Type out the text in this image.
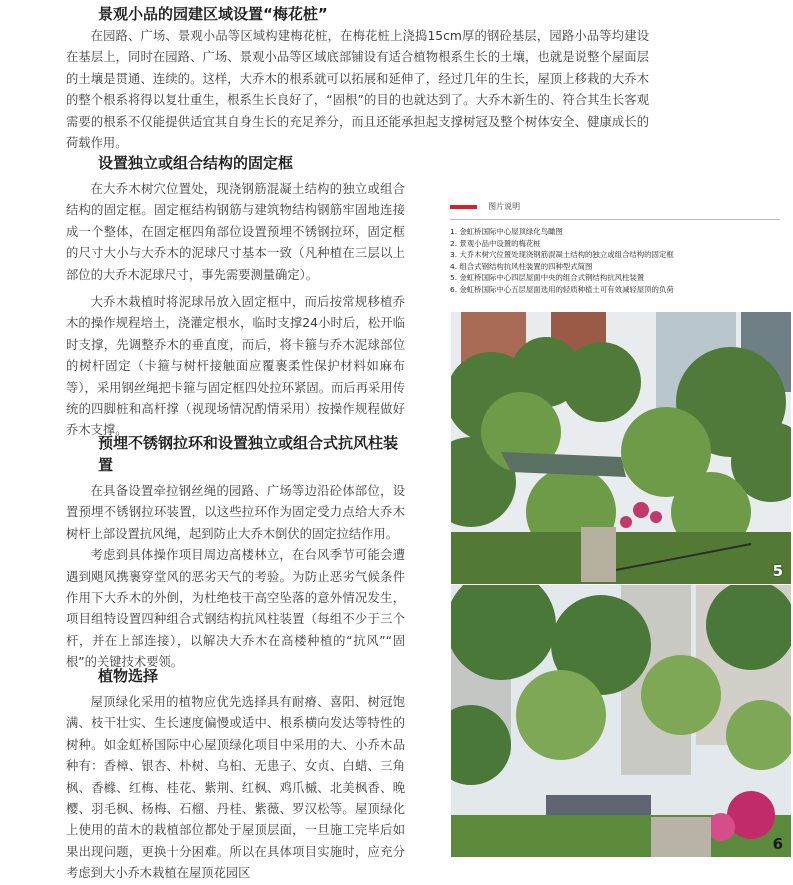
景观小品的园建区域设置“梅花桩”

在园路、广场、景观小品等区域构建梅花桩，在梅花桩上浇捣15cm厚的钢砼基层，园路小品等均建设在基层上，同时在园路、广场、景观小品等区域底部铺设有适合植物根系生长的土壤，也就是说整个屋面层的土壤是贯通、连续的。这样，大乔木的根系就可以拓展和延伸了，经过几年的生长，屋顶上移栽的大乔木的整个根系将得以复壮重生，根系生长良好了，“固根”的目的也就达到了。大乔木新生的、符合其生长客观需要的根系不仅能提供适宜其自身生长的充足养分，而且还能承担起支撑树冠及整个树体安全、健康成长的荷载作用。

设置独立或组合结构的固定框

在大乔木树穴位置处，现浇钢筋混凝土结构的独立或组合结构的固定框。固定框结构钢筋与建筑物结构钢筋牢固地连接成一个整体，在固定框四角部位设置预埋不锈钢拉环，固定框的尺寸大小与大乔木的泥球尺寸基本一致（凡种植在三层以上部位的大乔木泥球尺寸，事先需要测量确定）。

大乔木栽植时将泥球吊放入固定框中，而后按常规移植乔木的操作规程培土，浇灌定根水，临时支撑24小时后，松开临时支撑，先调整乔木的垂直度，而后，将卡箍与乔木泥球部位的树杆固定（卡箍与树杆接触面应覆裹柔性保护材料如麻布等），采用钢丝绳把卡箍与固定框四处拉环紧固。而后再采用传统的四脚桩和高杆撑（视现场情况酌情采用）按操作规程做好乔木支撑。

预埋不锈钢拉环和设置独立或组合式抗风柱装置

在具备设置牵拉钢丝绳的园路、广场等边沿砼体部位，设置预埋不锈钢拉环装置，以这些拉环作为固定受力点给大乔木树杆上部设置抗风绳，起到防止大乔木倒伏的固定拉结作用。

考虑到具体操作项目周边高楼林立，在台风季节可能会遭遇到飓风携裹穿堂风的恶劣天气的考验。为防止恶劣气候条件作用下大乔木的外倒，为杜绝枝干高空坠落的意外情况发生，项目组特设置四种组合式钢结构抗风柱装置（每组不少于三个杆，并在上部连接），以解决大乔木在高楼种植的“抗风”“固根”的关键技术要领。

植物选择

屋顶绿化采用的植物应优先选择具有耐瘠、喜阳、树冠饱满、枝干壮实、生长速度偏慢或适中、根系横向发达等特性的树种。如金虹桥国际中心屋顶绿化项目中采用的大、小乔木品种有：香樟、银杏、朴树、乌桕、无患子、女贞、白蜡、三角枫、香橼、红梅、桂花、紫荆、红枫、鸡爪槭、北美枫香、晚樱、羽毛枫、杨梅、石榴、丹桂、紫薇、罗汉松等。屋顶绿化上使用的苗木的栽植部位都处于屋顶层面，一旦施工完毕后如果出现问题，更换十分困难。所以在具体项目实施时，应充分考虑到大小乔木栽植在屋顶花园区

图片说明
1. 金虹桥国际中心屋顶绿化鸟瞰图
2. 景观小品中设置的梅花桩
3. 大乔木树穴位置处现浇钢筋混凝土结构的独立或组合结构的固定框
4. 组合式钢结构抗风柱装置的四种型式简图
5. 金虹桥国际中心四层屋面中央的组合式钢结构抗风柱装置
6. 金虹桥国际中心五层屋面选用的轻质种植土可有效减轻屋顶的负荷
5
6
